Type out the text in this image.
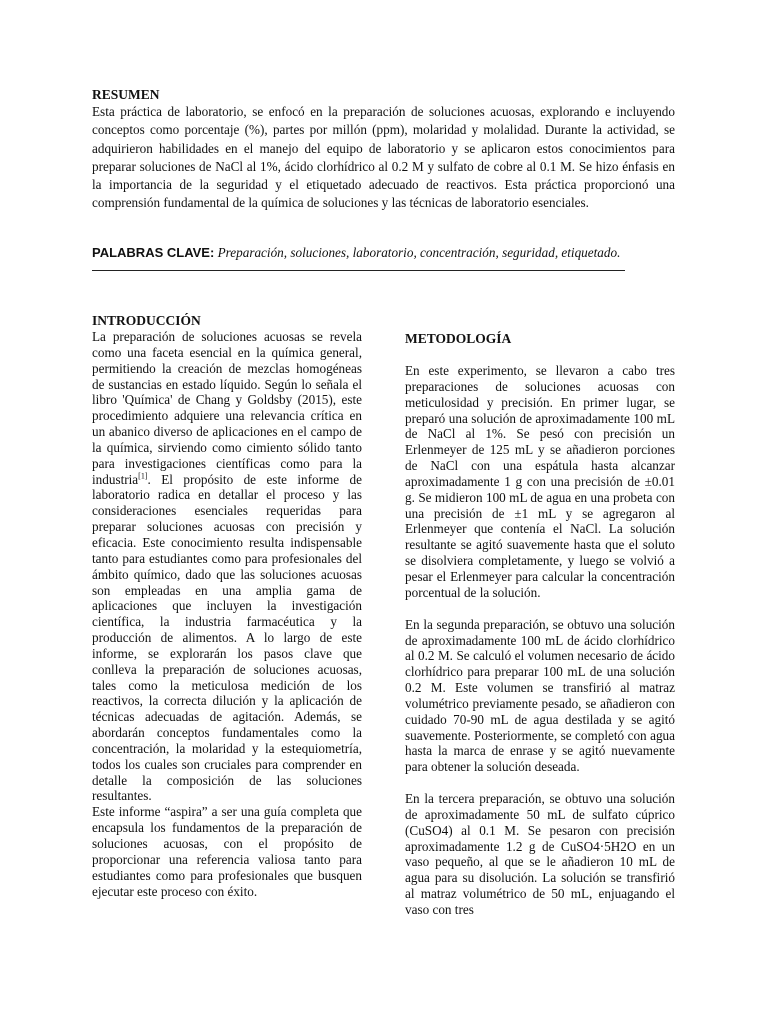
RESUMEN

Esta práctica de laboratorio, se enfocó en la preparación de soluciones acuosas, explorando e incluyendo conceptos como porcentaje (%), partes por millón (ppm), molaridad y molalidad. Durante la actividad, se adquirieron habilidades en el manejo del equipo de laboratorio y se aplicaron estos conocimientos para preparar soluciones de NaCl al 1%, ácido clorhídrico al 0.2 M y sulfato de cobre al 0.1 M. Se hizo énfasis en la importancia de la seguridad y el etiquetado adecuado de reactivos. Esta práctica proporcionó una comprensión fundamental de la química de soluciones y las técnicas de laboratorio esenciales.

PALABRAS CLAVE: Preparación, soluciones, laboratorio, concentración, seguridad, etiquetado.

INTRODUCCIÓN

La preparación de soluciones acuosas se revela como una faceta esencial en la química general, permitiendo la creación de mezclas homogéneas de sustancias en estado líquido. Según lo señala el libro 'Química' de Chang y Goldsby (2015), este procedimiento adquiere una relevancia crítica en un abanico diverso de aplicaciones en el campo de la química, sirviendo como cimiento sólido tanto para investigaciones científicas como para la industria[1]. El propósito de este informe de laboratorio radica en detallar el proceso y las consideraciones esenciales requeridas para preparar soluciones acuosas con precisión y eficacia. Este conocimiento resulta indispensable tanto para estudiantes como para profesionales del ámbito químico, dado que las soluciones acuosas son empleadas en una amplia gama de aplicaciones que incluyen la investigación científica, la industria farmacéutica y la producción de alimentos. A lo largo de este informe, se explorarán los pasos clave que conlleva la preparación de soluciones acuosas, tales como la meticulosa medición de los reactivos, la correcta dilución y la aplicación de técnicas adecuadas de agitación. Además, se abordarán conceptos fundamentales como la concentración, la molaridad y la estequiometría, todos los cuales son cruciales para comprender en detalle la composición de las soluciones resultantes.

Este informe “aspira” a ser una guía completa que encapsula los fundamentos de la preparación de soluciones acuosas, con el propósito de proporcionar una referencia valiosa tanto para estudiantes como para profesionales que busquen ejecutar este proceso con éxito.

METODOLOGÍA

En este experimento, se llevaron a cabo tres preparaciones de soluciones acuosas con meticulosidad y precisión. En primer lugar, se preparó una solución de aproximadamente 100 mL de NaCl al 1%. Se pesó con precisión un Erlenmeyer de 125 mL y se añadieron porciones de NaCl con una espátula hasta alcanzar aproximadamente 1 g con una precisión de ±0.01 g. Se midieron 100 mL de agua en una probeta con una precisión de ±1 mL y se agregaron al Erlenmeyer que contenía el NaCl. La solución resultante se agitó suavemente hasta que el soluto se disolviera completamente, y luego se volvió a pesar el Erlenmeyer para calcular la concentración porcentual de la solución.

En la segunda preparación, se obtuvo una solución de aproximadamente 100 mL de ácido clorhídrico al 0.2 M. Se calculó el volumen necesario de ácido clorhídrico para preparar 100 mL de una solución 0.2 M. Este volumen se transfirió al matraz volumétrico previamente pesado, se añadieron con cuidado 70-90 mL de agua destilada y se agitó suavemente. Posteriormente, se completó con agua hasta la marca de enrase y se agitó nuevamente para obtener la solución deseada.

En la tercera preparación, se obtuvo una solución de aproximadamente 50 mL de sulfato cúprico (CuSO4) al 0.1 M. Se pesaron con precisión aproximadamente 1.2 g de CuSO4·5H2O en un vaso pequeño, al que se le añadieron 10 mL de agua para su disolución. La solución se transfirió al matraz volumétrico de 50 mL, enjuagando el vaso con tres
